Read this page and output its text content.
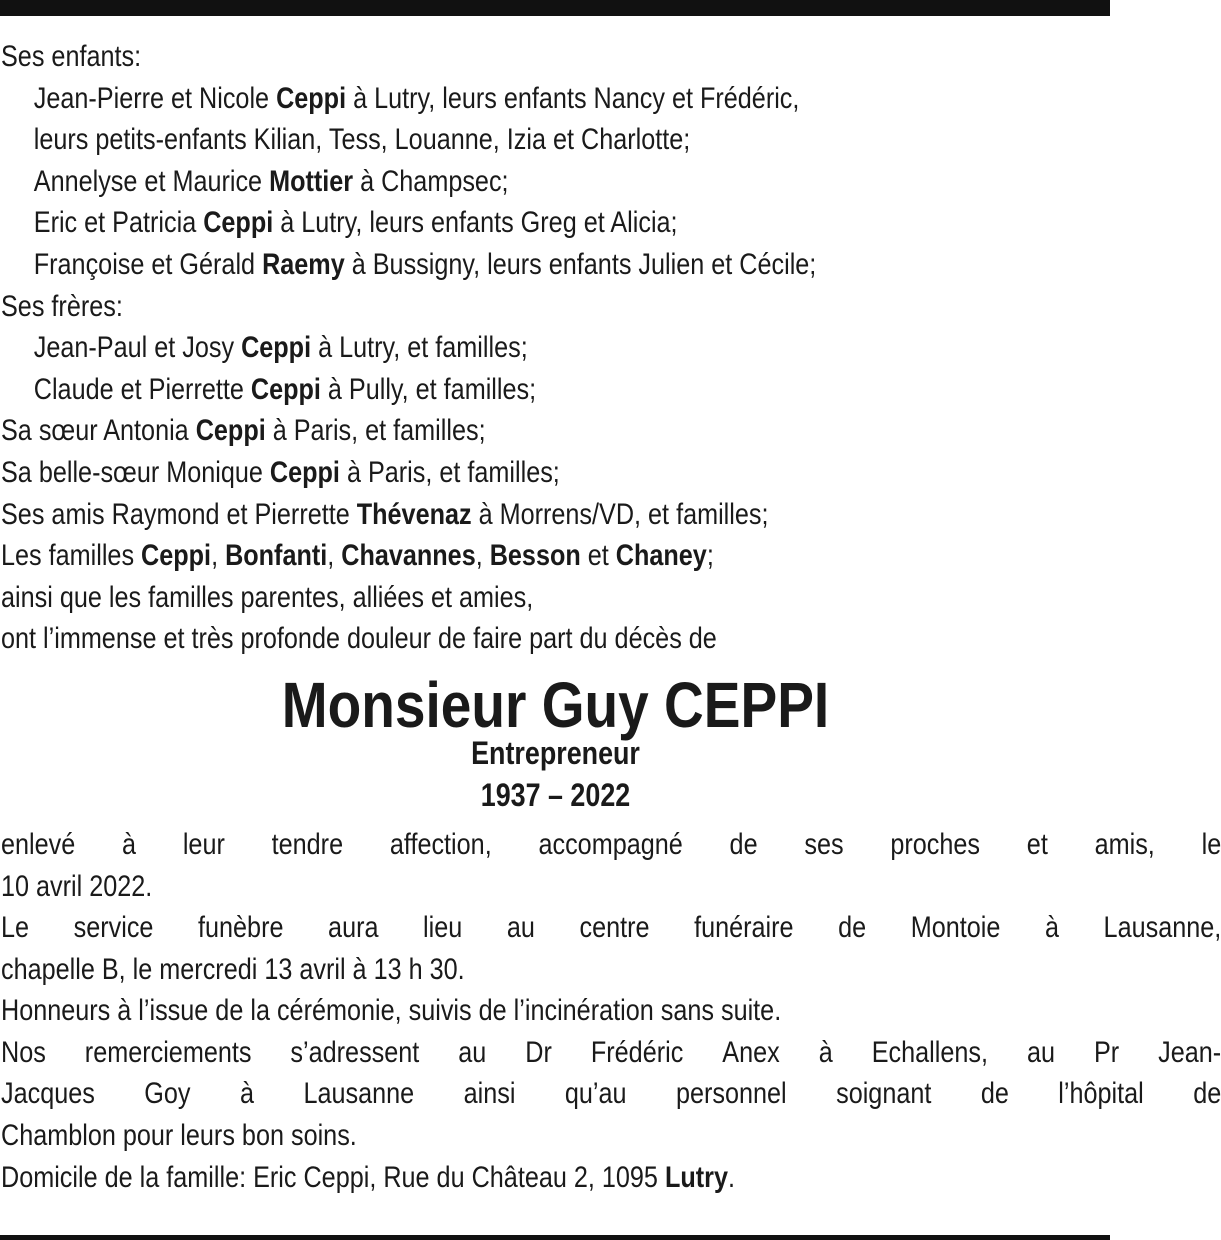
Ses enfants:
Jean-Pierre et Nicole Ceppi à Lutry, leurs enfants Nancy et Frédéric,
leurs petits-enfants Kilian, Tess, Louanne, Izia et Charlotte;
Annelyse et Maurice Mottier à Champsec;
Eric et Patricia Ceppi à Lutry, leurs enfants Greg et Alicia;
Françoise et Gérald Raemy à Bussigny, leurs enfants Julien et Cécile;
Ses frères:
Jean-Paul et Josy Ceppi à Lutry, et familles;
Claude et Pierrette Ceppi à Pully, et familles;
Sa sœur Antonia Ceppi à Paris, et familles;
Sa belle-sœur Monique Ceppi à Paris, et familles;
Ses amis Raymond et Pierrette Thévenaz à Morrens/VD, et familles;
Les familles Ceppi, Bonfanti, Chavannes, Besson et Chaney;
ainsi que les familles parentes, alliées et amies,
ont l’immense et très profonde douleur de faire part du décès de
Monsieur Guy CEPPI
Entrepreneur
1937 – 2022
enlevé à leur tendre affection, accompagné de ses proches et amis, le
10 avril 2022.
Le service funèbre aura lieu au centre funéraire de Montoie à Lausanne,
chapelle B, le mercredi 13 avril à 13 h 30.
Honneurs à l’issue de la cérémonie, suivis de l’incinération sans suite.
Nos remerciements s’adressent au Dr Frédéric Anex à Echallens, au Pr Jean-
Jacques Goy à Lausanne ainsi qu’au personnel soignant de l’hôpital de
Chamblon pour leurs bon soins.
Domicile de la famille: Eric Ceppi, Rue du Château 2, 1095 Lutry.
